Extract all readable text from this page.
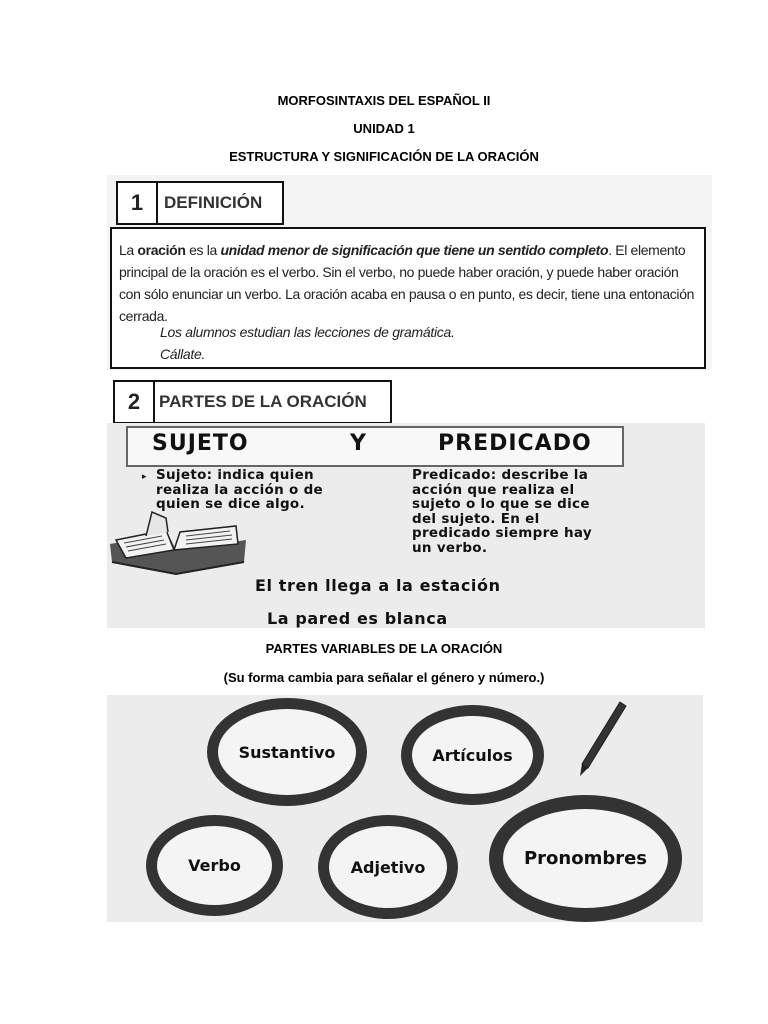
MORFOSINTAXIS DEL ESPAÑOL II
UNIDAD 1
ESTRUCTURA Y SIGNIFICACIÓN DE LA ORACIÓN
1	DEFINICIÓN
La oración es la unidad menor de significación que tiene un sentido completo. El elemento principal de la oración es el verbo. Sin el verbo, no puede haber oración, y puede haber oración con sólo enunciar un verbo. La oración acaba en pausa o en punto, es decir, tiene una entonación cerrada.
Los alumnos estudian las lecciones de gramática.
Cállate.
2	PARTES DE LA ORACIÓN
SUJETO	Y	PREDICADO
▸ Sujeto: indica quien
realiza la acción o de
quien se dice algo.
Predicado: describe la
acción que realiza el
sujeto o lo que se dice
del sujeto. En el
predicado siempre hay
un verbo.
El tren llega a la estación
La pared es blanca
PARTES VARIABLES DE LA ORACIÓN
(Su forma cambia para señalar el género y número.)
Sustantivo	Artículos
Verbo	Adjetivo	Pronombres
